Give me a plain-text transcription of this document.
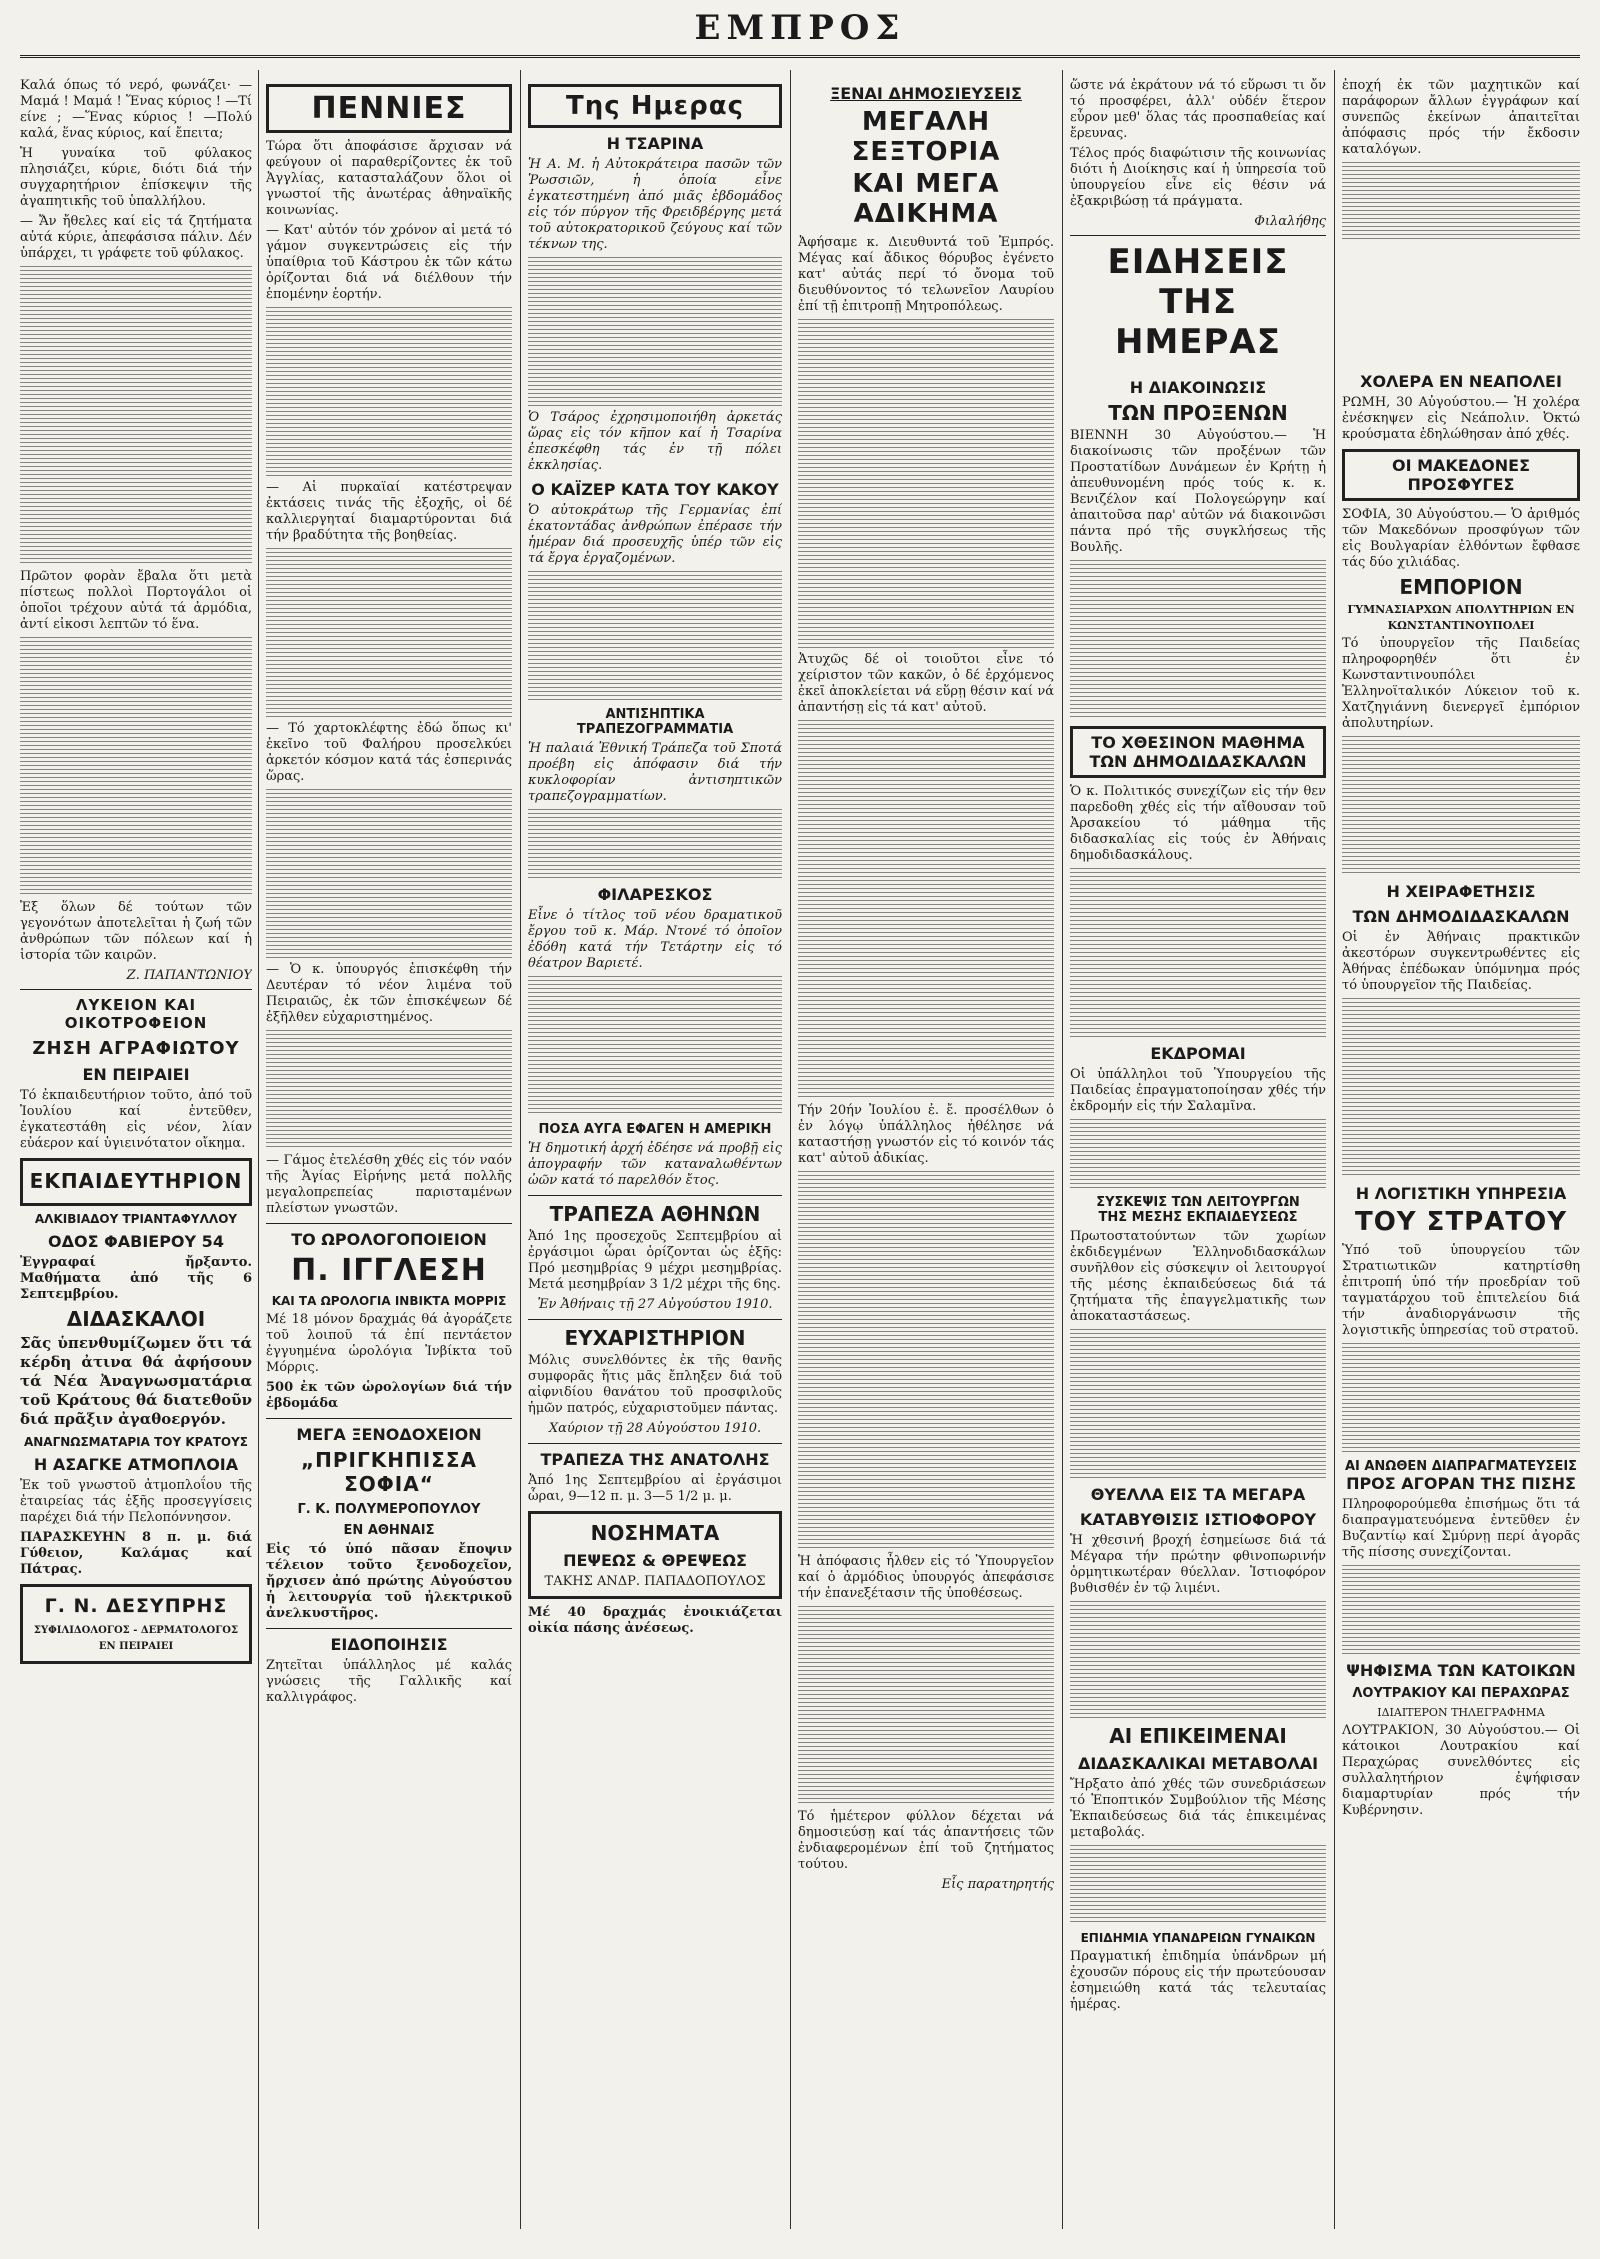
ΕΜΠΡΟΣ

Καλά όπως τό νερό, φωνάζει· —Μαμά ! Μαμά ! Ἕνας κύριος ! —Τί είνε ; —Ἕνας κύριος ! —Πολύ καλά, ἕνας κύριος, καί ἔπειτα;

Ἡ γυναίκα τοῦ φύλακος πλησιάζει, κύριε, διότι διά τήν συγχαρητήριον ἐπίσκεψιν τῆς ἀγαπητικῆς τοῦ ὑπαλλήλου.

— Ἄν ἤθελες καί εἰς τά ζητήματα αὐτά κύριε, ἀπεφάσισα πάλιν. Δέν ὑπάρχει, τι γράφετε τοῦ φύλακος.

Πρῶτον φορὰν ἔβαλα ὅτι μετὰ πίστεως πολλοὶ Πορτογάλοι οἱ ὁποῖοι τρέχουν αὐτά τά ἀρμόδια, ἀντί εἰκοσι λεπτῶν τό ἕνα.

Ἐξ ὅλων δέ τούτων τῶν γεγονότων ἀποτελεῖται ἡ ζωή τῶν ἀνθρώπων τῶν πόλεων καί ἡ ἱστορία τῶν καιρῶν.

Ζ. ΠΑΠΑΝΤΩΝΙΟΥ
ΛΥΚΕΙΟΝ ΚΑΙ ΟΙΚΟΤΡΟΦΕΙΟΝ
ΖΗΣΗ ΑΓΡΑΦΙΩΤΟΥ
ΕΝ ΠΕΙΡΑΙΕΙ

Τό ἐκπαιδευτήριον τοῦτο, ἀπό τοῦ Ἰουλίου καί ἐντεῦθεν, ἐγκατεστάθη εἰς νέον, λίαν εὐάερον καί ὑγιεινότατον οἴκημα.

ΕΚΠΑΙΔΕΥΤΗΡΙΟΝ
ΑΛΚΙΒΙΑΔΟΥ ΤΡΙΑΝΤΑΦΥΛΛΟΥ
ΟΔΟΣ ΦΑΒΙΕΡΟΥ 54

Ἐγγραφαί ἤρξαντο. Μαθήματα ἀπό τῆς 6 Σεπτεμβρίου.

ΔΙΔΑΣΚΑΛΟΙ

Σᾶς ὑπενθυμίζωμεν ὅτι τά κέρδη ἀτινα θά ἀφήσουν τά Νέα Ἀναγνωσματάρια τοῦ Κράτους θά διατεθοῦν διά πρᾶξιν ἀγαθοεργόν.

ΑΝΑΓΝΩΣΜΑΤΑΡΙΑ ΤΟΥ ΚΡΑΤΟΥΣ
Η ΑΣΑΓΚΕ ΑΤΜΟΠΛΟΙΑ

Ἐκ τοῦ γνωστοῦ ἀτμοπλοΐου τῆς ἐταιρείας τάς ἑξῆς προσεγγίσεις παρέχει διά τήν Πελοπόννησον.

ΠΑΡΑΣΚΕΥΗΝ 8 π. μ. διά Γύθειον, Καλάμας καί Πάτρας.

Γ. Ν. ΔΕΣΥΠΡΗΣ
ΣΥΦΙΛΙΔΟΛΟΓΟΣ - ΔΕΡΜΑΤΟΛΟΓΟΣ ΕΝ ΠΕΙΡΑΙΕΙ
ΠΕΝΝΙΕΣ

Τώρα ὅτι ἀποφάσισε ἄρχισαν νά φεύγουν οἱ παραθερίζοντες ἐκ τοῦ Ἀγγλίας, κατασταλάζουν ὅλοι οἱ γνωστοί τῆς ἀνωτέρας ἀθηναϊκῆς κοινωνίας.

— Κατ' αὐτόν τόν χρόνον αἱ μετά τό γάμον συγκεντρώσεις εἰς τήν ὑπαίθρια τοῦ Κάστρου ἐκ τῶν κάτω ὀρίζονται διά νά διέλθουν τήν ἑπομένην ἑορτήν.

— Αἱ πυρκαϊαί κατέστρεψαν ἐκτάσεις τινάς τῆς ἐξοχῆς, οἱ δέ καλλιεργηταί διαμαρτύρονται διά τήν βραδύτητα τῆς βοηθείας.

— Τό χαρτοκλέφτης ἐδώ ὅπως κι' ἐκεῖνο τοῦ Φαλήρου προσελκύει ἀρκετόν κόσμον κατά τάς ἑσπερινάς ὥρας.

— Ὁ κ. ὑπουργός ἐπισκέφθη τήν Δευτέραν τό νέον λιμένα τοῦ Πειραιῶς, ἐκ τῶν ἐπισκέψεων δέ ἐξῆλθεν εὐχαριστημένος.

— Γάμος ἐτελέσθη χθές εἰς τόν ναόν τῆς Ἁγίας Εἰρήνης μετά πολλῆς μεγαλοπρεπείας παρισταμένων πλείστων γνωστῶν.

ΤΟ ΩΡΟΛΟΓΟΠΟΙΕΙΟΝ
Π. ΙΓΓΛΕΣΗ
ΚΑΙ ΤΑ ΩΡΟΛΟΓΙΑ ΙΝΒΙΚΤΑ ΜΟΡΡΙΣ

Μέ 18 μόνον δραχμάς θά ἀγοράζετε τοῦ λοιποῦ τά ἐπί πεντάετον ἐγγυημένα ὡρολόγια Ἰνβίκτα τοῦ Μόρρις.

500 ἐκ τῶν ὡρολογίων διά τήν ἑβδομάδα

ΜΕΓΑ ΞΕΝΟΔΟΧΕΙΟΝ
„ΠΡΙΓΚΗΠΙΣΣΑ ΣΟΦΙΑ“
Γ. Κ. ΠΟΛΥΜΕΡΟΠΟΥΛΟΥ
ΕΝ ΑΘΗΝΑΙΣ

Εἰς τό ὑπό πᾶσαν ἔποψιν τέλειον τοῦτο ξενοδοχεῖον, ἤρχισεν ἀπό πρώτης Αὐγούστου ἡ λειτουργία τοῦ ἠλεκτρικοῦ ἀνελκυστῆρος.

ΕΙΔΟΠΟΙΗΣΙΣ

Ζητεῖται ὑπάλληλος μέ καλάς γνώσεις τῆς Γαλλικῆς καί καλλιγράφος.

Της Ημερας
Η ΤΣΑΡΙΝΑ

Ἡ Α. Μ. ἡ Αὐτοκράτειρα πασῶν τῶν Ῥωσσιῶν, ἡ ὁποία εἶνε ἐγκατεστημένη ἀπό μιᾶς ἑβδομάδος εἰς τόν πύργον τῆς Φρειδβέργης μετά τοῦ αὐτοκρατορικοῦ ζεύγους καί τῶν τέκνων της.

Ὁ Τσάρος ἐχρησιμοποιήθη ἀρκετάς ὥρας εἰς τόν κῆπον καί ἡ Τσαρίνα ἐπεσκέφθη τάς ἐν τῇ πόλει ἐκκλησίας.

Ο ΚΑΪΖΕΡ ΚΑΤΑ ΤΟΥ ΚΑΚΟΥ

Ὁ αὐτοκράτωρ τῆς Γερμανίας ἐπί ἑκατοντάδας ἀνθρώπων ἐπέρασε τήν ἡμέραν διά προσευχῆς ὑπέρ τῶν εἰς τά ἔργα ἐργαζομένων.

ΑΝΤΙΣΗΠΤΙΚΑ ΤΡΑΠΕΖΟΓΡΑΜΜΑΤΙΑ

Ἡ παλαιά Ἐθνική Τράπεζα τοῦ Σποτά προέβη εἰς ἀπόφασιν διά τήν κυκλοφορίαν ἀντισηπτικῶν τραπεζογραμματίων.

ΦΙΛΑΡΕΣΚΟΣ

Εἶνε ὁ τίτλος τοῦ νέου δραματικοῦ ἔργου τοῦ κ. Μάρ. Ντονέ τό ὁποῖον ἐδόθη κατά τήν Τετάρτην εἰς τό θέατρον Βαριετέ.

ΠΟΣΑ ΑΥΓΑ ΕΦΑΓΕΝ Η ΑΜΕΡΙΚΗ

Ἡ δημοτική ἀρχή ἐδέησε νά προβῇ εἰς ἀπογραφήν τῶν καταναλωθέντων ὠῶν κατά τό παρελθόν ἔτος.

ΤΡΑΠΕΖΑ ΑΘΗΝΩΝ

Ἀπό 1ης προσεχοῦς Σεπτεμβρίου αἱ ἐργάσιμοι ὧραι ὁρίζονται ὡς ἑξῆς: Πρό μεσημβρίας 9 μέχρι μεσημβρίας. Μετά μεσημβρίαν 3 1/2 μέχρι τῆς 6ης.

Ἐν Ἀθήναις τῇ 27 Αὐγούστου 1910.
ΕΥΧΑΡΙΣΤΗΡΙΟΝ

Μόλις συνελθόντες ἐκ τῆς θανῆς συμφορᾶς ἥτις μᾶς ἔπληξεν διά τοῦ αἰφνιδίου θανάτου τοῦ προσφιλοῦς ἡμῶν πατρός, εὐχαριστοῦμεν πάντας.

Χαύριον τῇ 28 Αὐγούστου 1910.
ΤΡΑΠΕΖΑ ΤΗΣ ΑΝΑΤΟΛΗΣ

Ἀπό 1ης Σεπτεμβρίου αἱ ἐργάσιμοι ὧραι, 9—12 π. μ. 3—5 1/2 μ. μ.

ΝΟΣΗΜΑΤΑ
ΠΕΨΕΩΣ & ΘΡΕΨΕΩΣ
ΤΑΚΗΣ ΑΝΔΡ. ΠΑΠΑΔΟΠΟΥΛΟΣ

Μέ 40 δραχμάς ἐνοικιάζεται οἰκία πάσης ἀνέσεως.

ΞΕΝΑΙ ΔΗΜΟΣΙΕΥΣΕΙΣ
ΜΕΓΑΛΗ ΣΕΞΤΟΡΙΑ
ΚΑΙ ΜΕΓΑ ΑΔΙΚΗΜΑ

Ἀφήσαμε κ. Διευθυντά τοῦ Ἐμπρός. Μέγας καί ἄδικος θόρυβος ἐγένετο κατ' αὐτάς περί τό ὄνομα τοῦ διευθύνοντος τό τελωνεῖον Λαυρίου ἐπί τῇ ἐπιτροπῇ Μητροπόλεως.

Ἀτυχῶς δέ οἱ τοιοῦτοι εἶνε τό χείριστον τῶν κακῶν, ὁ δέ ἐρχόμενος ἐκεῖ ἀποκλείεται νά εὕρῃ θέσιν καί νά ἀπαντήσῃ εἰς τά κατ' αὐτοῦ.

Τήν 20ήν Ἰουλίου ἐ. ἔ. προσέλθων ὁ ἐν λόγῳ ὑπάλληλος ἠθέλησε νά καταστήσῃ γνωστόν εἰς τό κοινόν τάς κατ' αὐτοῦ ἀδικίας.

Ἡ ἀπόφασις ἦλθεν εἰς τό Ὑπουργεῖον καί ὁ ἀρμόδιος ὑπουργός ἀπεφάσισε τήν ἐπανεξέτασιν τῆς ὑποθέσεως.

Τό ἡμέτερον φύλλον δέχεται νά δημοσιεύσῃ καί τάς ἀπαντήσεις τῶν ἐνδιαφερομένων ἐπί τοῦ ζητήματος τούτου.

Εἷς παρατηρητής

ὥστε νά ἐκράτουν νά τό εὕρωσι τι ὄν τό προσφέρει, ἀλλ' οὐδέν ἕτερον εὗρον μεθ' ὅλας τάς προσπαθείας καί ἔρευνας.

Τέλος πρός διαφώτισιν τῆς κοινωνίας διότι ἡ Διοίκησις καί ἡ ὑπηρεσία τοῦ ὑπουργείου εἶνε εἰς θέσιν νά ἐξακριβώσῃ τά πράγματα.

Φιλαλήθης
ΕΙΔΗΣΕΙΣ ΤΗΣ ΗΜΕΡΑΣ
Η ΔΙΑΚΟΙΝΩΣΙΣ
ΤΩΝ ΠΡΟΞΕΝΩΝ

ΒΙΕΝΝΗ 30 Αὐγούστου.— Ἡ διακοίνωσις τῶν προξένων τῶν Προστατίδων Δυνάμεων ἐν Κρήτῃ ἡ ἀπευθυνομένη πρός τούς κ. κ. Βενιζέλον καί Πολογεώργην καί ἀπαιτοῦσα παρ' αὐτῶν νά διακοινῶσι πάντα πρό τῆς συγκλήσεως τῆς Βουλῆς.

ΤΟ ΧΘΕΣΙΝΟΝ ΜΑΘΗΜΑ
ΤΩΝ ΔΗΜΟΔΙΔΑΣΚΑΛΩΝ

Ὁ κ. Πολιτικός συνεχίζων εἰς τήν θεν παρεδοθη χθές εἰς τήν αἴθουσαν τοῦ Ἀρσακείου τό μάθημα τῆς διδασκαλίας εἰς τούς ἐν Ἀθήναις δημοδιδασκάλους.

ΕΚΔΡΟΜΑΙ

Οἱ ὑπάλληλοι τοῦ Ὑπουργείου τῆς Παιδείας ἐπραγματοποίησαν χθές τήν ἐκδρομήν εἰς τήν Σαλαμῖνα.

ΣΥΣΚΕΨΙΣ ΤΩΝ ΛΕΙΤΟΥΡΓΩΝ
ΤΗΣ ΜΕΣΗΣ ΕΚΠΑΙΔΕΥΣΕΩΣ

Πρωτοστατούντων τῶν χωρίων ἐκδιδεγμένων Ἑλληνοδιδασκάλων συνῆλθον εἰς σύσκεψιν οἱ λειτουργοί τῆς μέσης ἐκπαιδεύσεως διά τά ζητήματα τῆς ἐπαγγελματικῆς των ἀποκαταστάσεως.

ΘΥΕΛΛΑ ΕΙΣ ΤΑ ΜΕΓΑΡΑ
ΚΑΤΑΒΥΘΙΣΙΣ ΙΣΤΙΟΦΟΡΟΥ

Ἡ χθεσινή βροχή ἐσημείωσε διά τά Μέγαρα τήν πρώτην φθινοπωρινήν ὁρμητικωτέραν θύελλαν. Ἱστιοφόρον βυθισθέν ἐν τῷ λιμένι.

ΑΙ ΕΠΙΚΕΙΜΕΝΑΙ
ΔΙΔΑΣΚΑΛΙΚΑΙ ΜΕΤΑΒΟΛΑΙ

Ἤρξατο ἀπό χθές τῶν συνεδριάσεων τό Ἐποπτικόν Συμβούλιον τῆς Μέσης Ἐκπαιδεύσεως διά τάς ἐπικειμένας μεταβολάς.

ΕΠΙΔΗΜΙΑ ΥΠΑΝΔΡΕΙΩΝ ΓΥΝΑΙΚΩΝ

Πραγματική ἐπιδημία ὑπάνδρων μή ἐχουσῶν πόρους εἰς τήν πρωτεύουσαν ἐσημειώθη κατά τάς τελευταίας ἡμέρας.

ἐποχή ἐκ τῶν μαχητικῶν καί παράφορων ἄλλων ἐγγράφων καί συνεπῶς ἐκείνων ἀπαιτεῖται ἀπόφασις πρός τήν ἔκδοσιν καταλόγων.

ΧΟΛΕΡΑ ΕΝ ΝΕΑΠΟΛΕΙ

ΡΩΜΗ, 30 Αὐγούστου.— Ἡ χολέρα ἐνέσκηψεν εἰς Νεάπολιν. Ὀκτώ κρούσματα ἐδηλώθησαν ἀπό χθές.

ΟΙ ΜΑΚΕΔΟΝΕΣ ΠΡΟΣΦΥΓΕΣ

ΣΟΦΙΑ, 30 Αὐγούστου.— Ὁ ἀριθμός τῶν Μακεδόνων προσφύγων τῶν εἰς Βουλγαρίαν ἐλθόντων ἔφθασε τάς δύο χιλιάδας.

ΕΜΠΟΡΙΟΝ
ΓΥΜΝΑΣΙΑΡΧΩΝ ΑΠΟΛΥΤΗΡΙΩΝ ΕΝ ΚΩΝΣΤΑΝΤΙΝΟΥΠΟΛΕΙ

Τό ὑπουργεῖον τῆς Παιδείας πληροφορηθέν ὅτι ἐν Κωνσταντινουπόλει Ἑλληνοϊταλικόν Λύκειον τοῦ κ. Χατζηγιάννη διενεργεῖ ἐμπόριον ἀπολυτηρίων.

Η ΧΕΙΡΑΦΕΤΗΣΙΣ
ΤΩΝ ΔΗΜΟΔΙΔΑΣΚΑΛΩΝ

Οἱ ἐν Ἀθήναις πρακτικῶν ἀκεστόρων συγκεντρωθέντες εἰς Ἀθήνας ἐπέδωκαν ὑπόμνημα πρός τό ὑπουργεῖον τῆς Παιδείας.

Η ΛΟΓΙΣΤΙΚΗ ΥΠΗΡΕΣΙΑ
ΤΟΥ ΣΤΡΑΤΟΥ

Ὑπό τοῦ ὑπουργείου τῶν Στρατιωτικῶν κατηρτίσθη ἐπιτροπή ὑπό τήν προεδρίαν τοῦ ταγματάρχου τοῦ ἐπιτελείου διά τήν ἀναδιοργάνωσιν τῆς λογιστικῆς ὑπηρεσίας τοῦ στρατοῦ.

ΑΙ ΑΝΩΘΕΝ ΔΙΑΠΡΑΓΜΑΤΕΥΣΕΙΣ
ΠΡΟΣ ΑΓΟΡΑΝ ΤΗΣ ΠΙΣΗΣ

Πληροφορούμεθα ἐπισήμως ὅτι τά διαπραγματευόμενα ἐντεῦθεν ἐν Βυζαντίῳ καί Σμύρνῃ περί ἀγορᾶς τῆς πίσσης συνεχίζονται.

ΨΗΦΙΣΜΑ ΤΩΝ ΚΑΤΟΙΚΩΝ
ΛΟΥΤΡΑΚΙΟΥ ΚΑΙ ΠΕΡΑΧΩΡΑΣ
ΙΔΙΑΙΤΕΡΟΝ ΤΗΛΕΓΡΑΦΗΜΑ

ΛΟΥΤΡΑΚΙΟΝ, 30 Αὐγούστου.— Οἱ κάτοικοι Λουτρακίου καί Περαχώρας συνελθόντες εἰς συλλαλητήριον ἐψήφισαν διαμαρτυρίαν πρός τήν Κυβέρνησιν.
